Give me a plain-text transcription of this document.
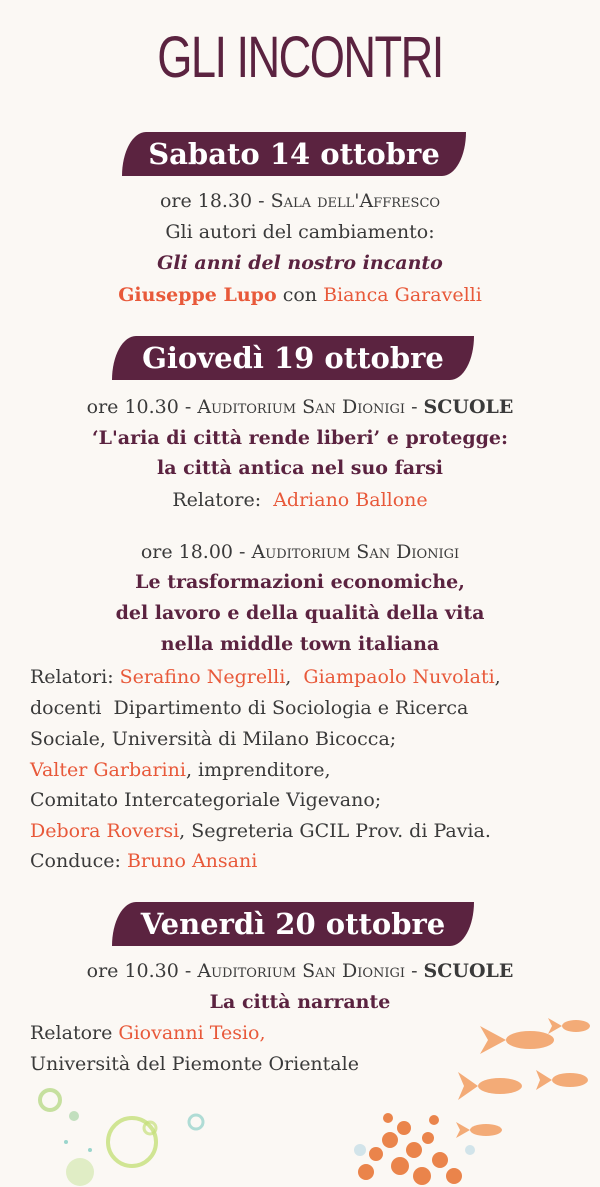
GLI INCONTRI
Sabato 14 ottobre
ore 18.30 - Sala dell'Affresco
Gli autori del cambiamento:
Gli anni del nostro incanto
Giuseppe Lupo con Bianca Garavelli
Giovedì 19 ottobre
ore 10.30 - Auditorium San Dionigi - SCUOLE
‘L'aria di città rende liberi’ e protegge:
la città antica nel suo farsi
Relatore: Adriano Ballone
ore 18.00 - Auditorium San Dionigi
Le trasformazioni economiche,
del lavoro e della qualità della vita
nella middle town italiana
Relatori: Serafino Negrelli,  Giampaolo Nuvolati,
docenti  Dipartimento di Sociologia e Ricerca
Sociale, Università di Milano Bicocca;
Valter Garbarini, imprenditore,
Comitato Intercategoriale Vigevano;
Debora Roversi, Segreteria GCIL Prov. di Pavia.
Conduce: Bruno Ansani
Venerdì 20 ottobre
ore 10.30 - Auditorium San Dionigi - SCUOLE
La città narrante
Relatore Giovanni Tesio,
Università del Piemonte Orientale
